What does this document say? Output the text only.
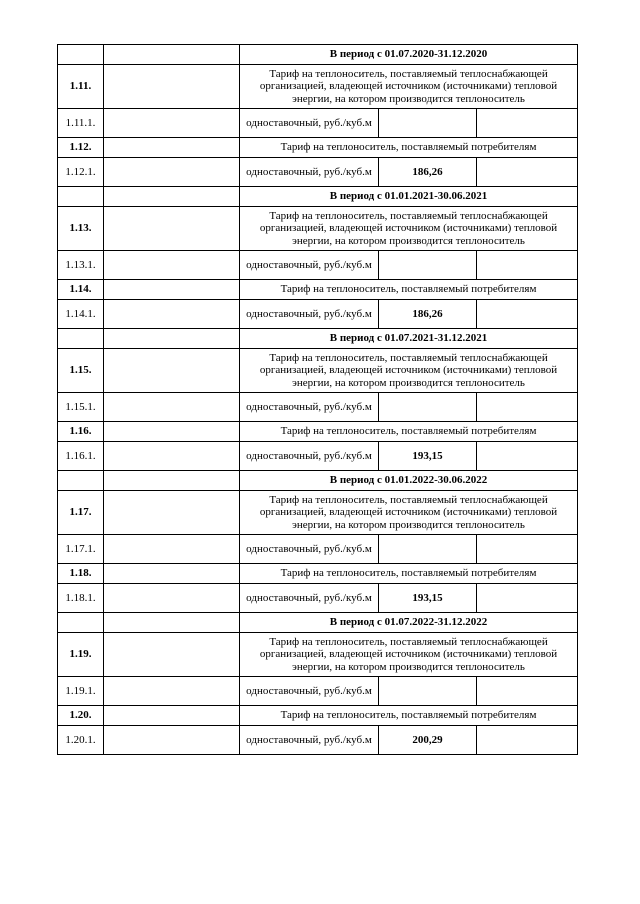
		В период с 01.07.2020-31.12.2020		
1.11.		Тариф на теплоноситель, поставляемый теплоснабжающей организацией, владеющей источником (источниками) тепловой энергии, на котором производится теплоноситель		
1.11.1.		одноставочный, руб./куб.м		
1.12.		Тариф на теплоноситель, поставляемый потребителям		
1.12.1.		одноставочный, руб./куб.м	186,26	
		В период с 01.01.2021-30.06.2021		
1.13.		Тариф на теплоноситель, поставляемый теплоснабжающей организацией, владеющей источником (источниками) тепловой энергии, на котором производится теплоноситель		
1.13.1.		одноставочный, руб./куб.м		
1.14.		Тариф на теплоноситель, поставляемый потребителям		
1.14.1.		одноставочный, руб./куб.м	186,26	
		В период с 01.07.2021-31.12.2021		
1.15.		Тариф на теплоноситель, поставляемый теплоснабжающей организацией, владеющей источником (источниками) тепловой энергии, на котором производится теплоноситель		
1.15.1.		одноставочный, руб./куб.м		
1.16.		Тариф на теплоноситель, поставляемый потребителям		
1.16.1.		одноставочный, руб./куб.м	193,15	
		В период с 01.01.2022-30.06.2022		
1.17.		Тариф на теплоноситель, поставляемый теплоснабжающей организацией, владеющей источником (источниками) тепловой энергии, на котором производится теплоноситель		
1.17.1.		одноставочный, руб./куб.м		
1.18.		Тариф на теплоноситель, поставляемый потребителям		
1.18.1.		одноставочный, руб./куб.м	193,15	
		В период с 01.07.2022-31.12.2022		
1.19.		Тариф на теплоноситель, поставляемый теплоснабжающей организацией, владеющей источником (источниками) тепловой энергии, на котором производится теплоноситель		
1.19.1.		одноставочный, руб./куб.м		
1.20.		Тариф на теплоноситель, поставляемый потребителям		
1.20.1.		одноставочный, руб./куб.м	200,29	
